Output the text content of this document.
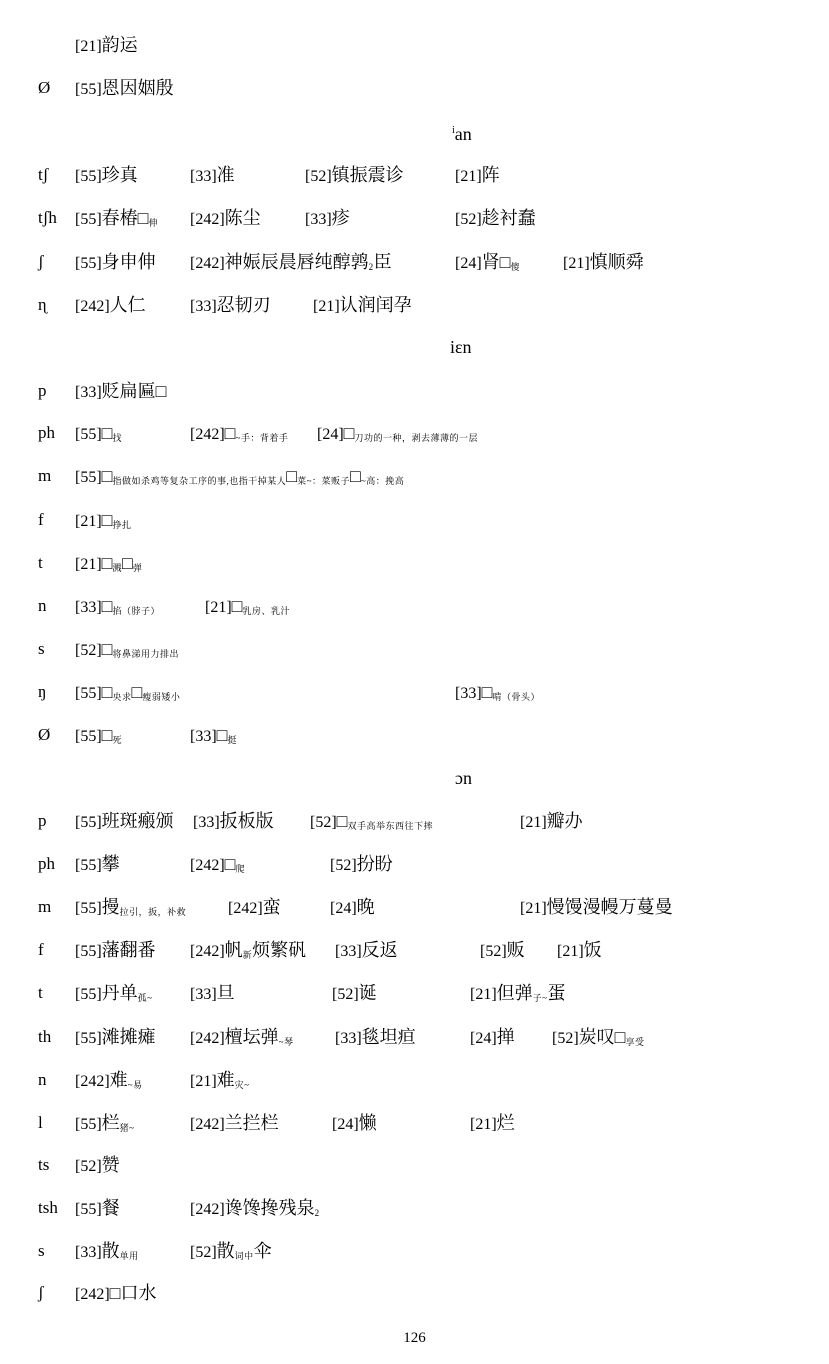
[21]韵运
Ø [55]恩因姻殷
$^i$an
tʃ [55]珍真	[33]准	[52]镇振震诊	[21]阵
tʃh [55]春椿□伸 [242]陈尘	[33]疹	[52]趁衬蠢
ʃ [55]身申伸 [242]神娠辰晨唇纯醇鹑2臣	[24]肾□傻	[21]慎顺舜
ɳ [242]人仁	[33]忍韧刃	[21]认润闰孕
iεn
p [33]贬扁匾□
ph [55]□找	[242]□~手：背着手 [24]□刀功的一种，剥去薄薄的一层
m [55]□指做如杀鸡等复杂工序的事,也指干掉某人□菜~：菜贩子□~高：挽高
f [21]□挣扎
t [21]□溅□弹
n [33]□掐（脖子）	[21]□乳房、乳汁
s [52]□将鼻涕用力排出
ŋ [55]□央求□瘦弱矮小	[33]□啃（骨头）
Ø [55]□死	[33]□挺
ɔn
p [55]班斑瘢颁 [33]扳板版 [52]□双手高举东西往下摔	[21]瓣办
ph [55]攀	[242]□爬	[52]扮盼
m [55]摱拉引，扳，补救	[242]蛮	[24]晚	[21]慢馒漫幔万蔓曼
f [55]藩翻番 [242]帆新烦繁矾 [33]反返	[52]贩 [21]饭
t [55]丹单孤~ [33]旦	[52]诞	[21]但弹子~蛋
th [55]滩摊瘫 [242]檀坛弹~琴	[33]毯坦疸	[24]掸 [52]炭叹□享受
n [242]难~易	[21]难灾~
l [55]栏猪~	[242]兰拦栏	[24]懒	[21]烂
ts [52]赞
tsh [55]餐	[242]谗馋搀残泉2
s [33]散单用	[52]散词中伞
ʃ [242]□口水
126
